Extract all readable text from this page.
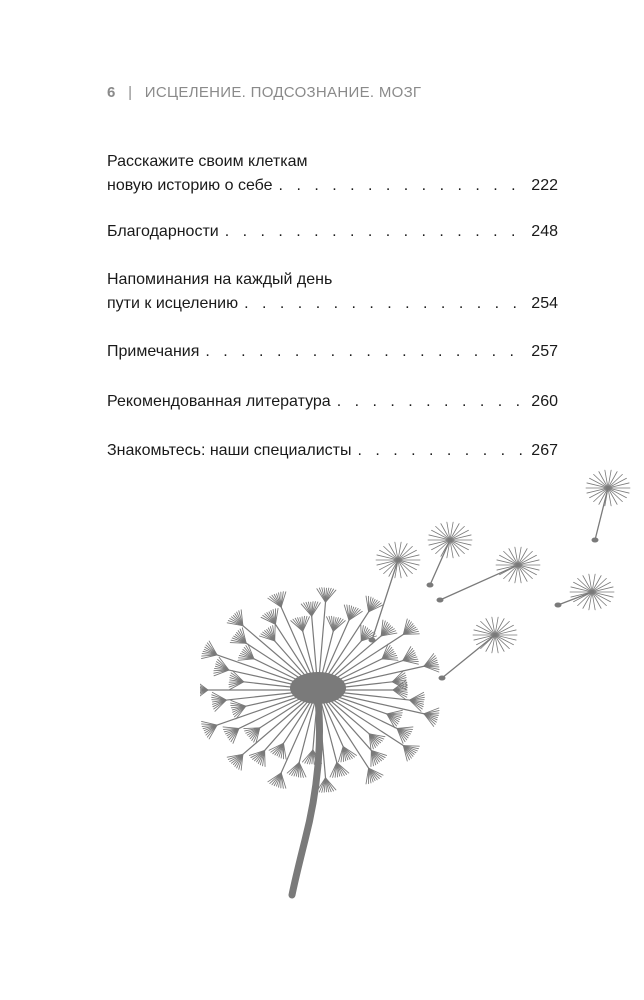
6 | ИСЦЕЛЕНИЕ. ПОДСОЗНАНИЕ. МОЗГ
Расскажите своим клеткам
новую историю о себе . . .	222
Благодарности . . .	248
Напоминания на каждый день
пути к исцелению . . .	254
Примечания . . .	257
Рекомендованная литература . . .	260
Знакомьтесь: наши специалисты . . .	267
